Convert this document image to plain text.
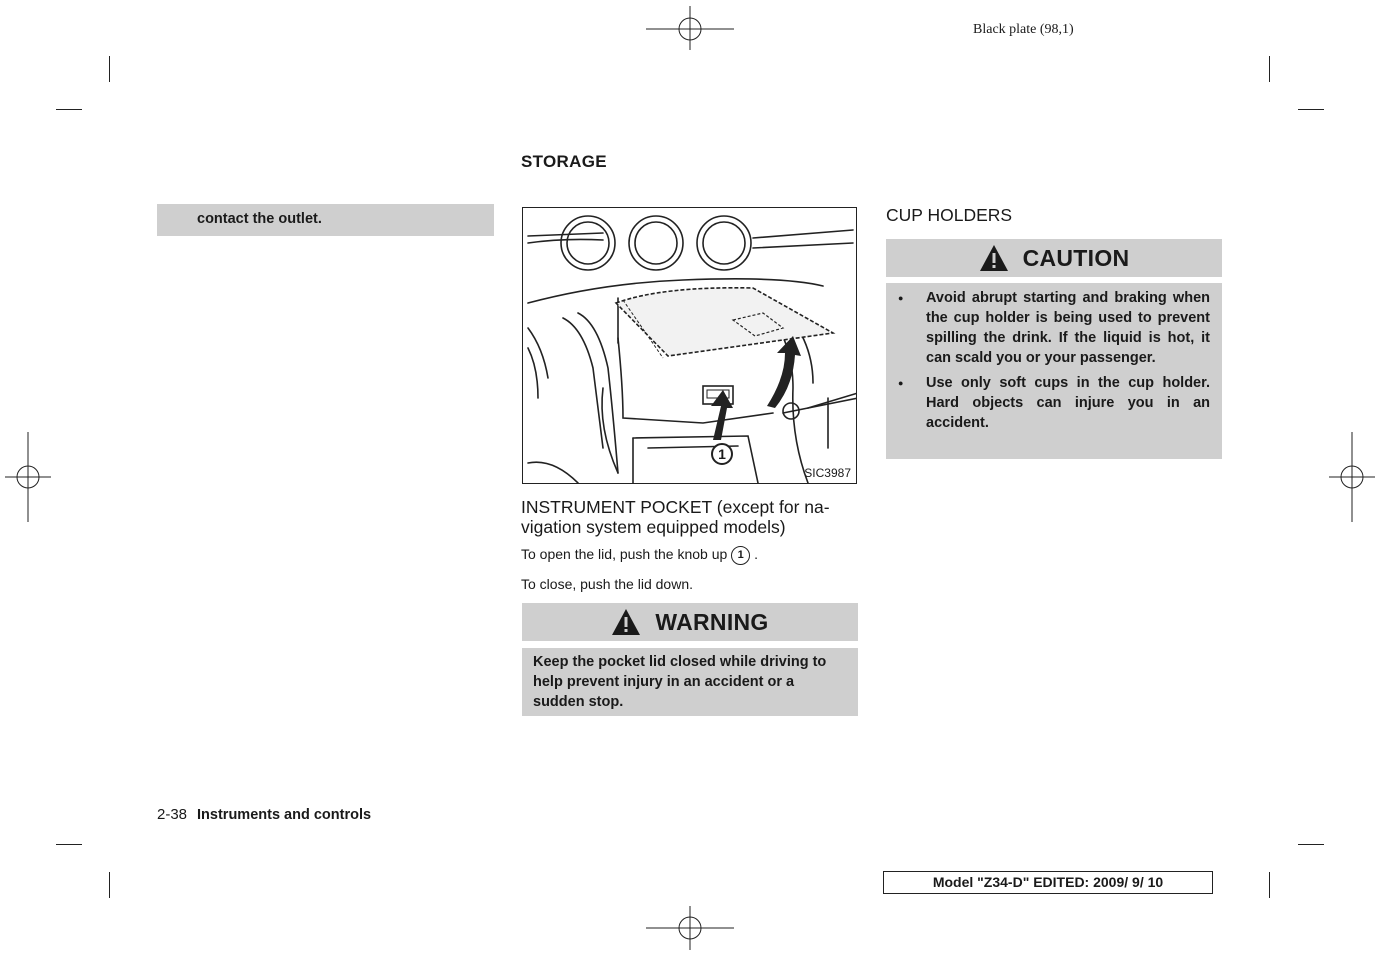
Black plate (98,1)
STORAGE
contact the outlet.
1
SIC3987
INSTRUMENT POCKET (except for na-vigation system equipped models)
To open the lid, push the knob up 1 .
To close, push the lid down.
WARNING
Keep the pocket lid closed while driving to help prevent injury in an accident or a sudden stop.
CUP HOLDERS
CAUTION
● Avoid abrupt starting and braking when the cup holder is being used to prevent spilling the drink. If the liquid is hot, it can scald you or your passenger.
● Use only soft cups in the cup holder. Hard objects can injure you in an accident.
2-38 Instruments and controls
Model "Z34-D" EDITED: 2009/ 9/ 10
